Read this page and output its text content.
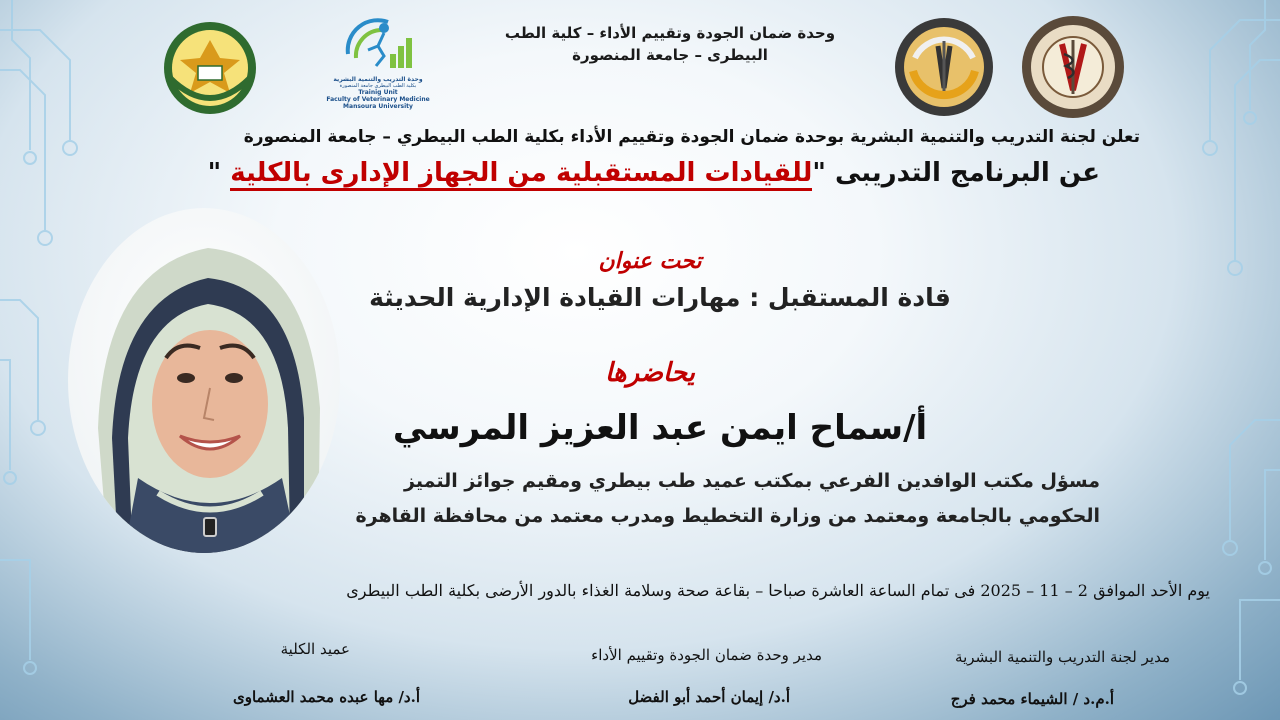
وحدة ضمان الجودة وتقييم الأداء – كلية الطب
البيطرى – جامعة المنصورة
وحدة التدريب والتنمية البشرية
بكلية الطب البيطري جامعة المنصورة
Trainig Unit
Faculty of Veterinary Medicine
Mansoura University
تعلن لجنة التدريب والتنمية البشرية بوحدة ضمان الجودة وتقييم الأداء بكلية الطب البيطري – جامعة المنصورة
عن البرنامج التدريبى "للقيادات المستقبلية من الجهاز الإدارى بالكلية "
تحت عنوان
قادة المستقبل : مهارات القيادة الإدارية الحديثة
يحاضرها
أ/سماح ايمن عبد العزيز المرسي
مسؤل مكتب الوافدين الفرعي بمكتب عميد طب بيطري ومقيم جوائز التميز
الحكومي بالجامعة ومعتمد من وزارة التخطيط ومدرب معتمد من محافظة القاهرة
يوم الأحد الموافق 2 – 11 – 2025 فى تمام الساعة العاشرة صباحا – بقاعة صحة وسلامة الغذاء بالدور الأرضى بكلية الطب البيطرى
مدير لجنة التدريب والتنمية البشرية
أ.م.د / الشيماء محمد فرج
مدير وحدة ضمان الجودة وتقييم الأداء
أ.د/ إيمان أحمد أبو الفضل
عميد الكلية
أ.د/ مها عبده محمد العشماوى
